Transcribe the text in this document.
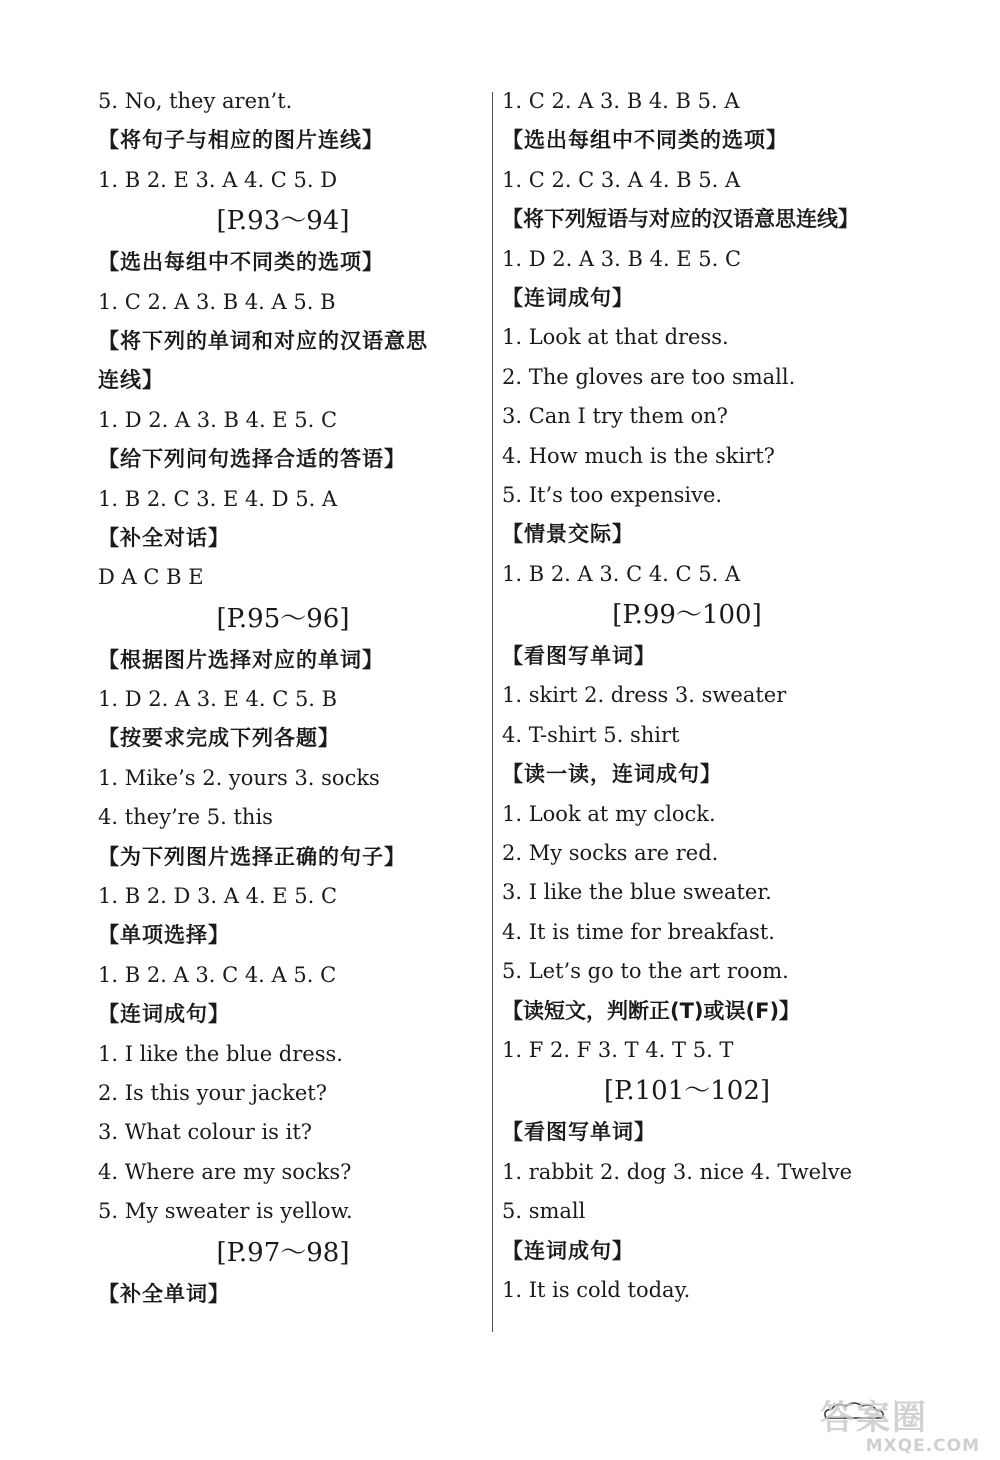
5. No, they aren’t.
【将句子与相应的图片连线】
1. B 2. E 3. A 4. C 5. D
[P.93～94]
【选出每组中不同类的选项】
1. C 2. A 3. B 4. A 5. B
【将下列的单词和对应的汉语意思
连线】
1. D 2. A 3. B 4. E 5. C
【给下列问句选择合适的答语】
1. B 2. C 3. E 4. D 5. A
【补全对话】
D A C B E
[P.95～96]
【根据图片选择对应的单词】
1. D 2. A 3. E 4. C 5. B
【按要求完成下列各题】
1. Mike’s 2. yours 3. socks
4. they’re 5. this
【为下列图片选择正确的句子】
1. B 2. D 3. A 4. E 5. C
【单项选择】
1. B 2. A 3. C 4. A 5. C
【连词成句】
1. I like the blue dress.
2. Is this your jacket?
3. What colour is it?
4. Where are my socks?
5. My sweater is yellow.
[P.97～98]
【补全单词】
1. C 2. A 3. B 4. B 5. A
【选出每组中不同类的选项】
1. C 2. C 3. A 4. B 5. A
【将下列短语与对应的汉语意思连线】
1. D 2. A 3. B 4. E 5. C
【连词成句】
1. Look at that dress.
2. The gloves are too small.
3. Can I try them on?
4. How much is the skirt?
5. It’s too expensive.
【情景交际】
1. B 2. A 3. C 4. C 5. A
[P.99～100]
【看图写单词】
1. skirt 2. dress 3. sweater
4. T-shirt 5. shirt
【读一读，连词成句】
1. Look at my clock.
2. My socks are red.
3. I like the blue sweater.
4. It is time for breakfast.
5. Let’s go to the art room.
【读短文，判断正(T)或误(F)】
1. F 2. F 3. T 4. T 5. T
[P.101～102]
【看图写单词】
1. rabbit 2. dog 3. nice 4. Twelve
5. small
【连词成句】
1. It is cold today.
答案圈
MXQE.COM
